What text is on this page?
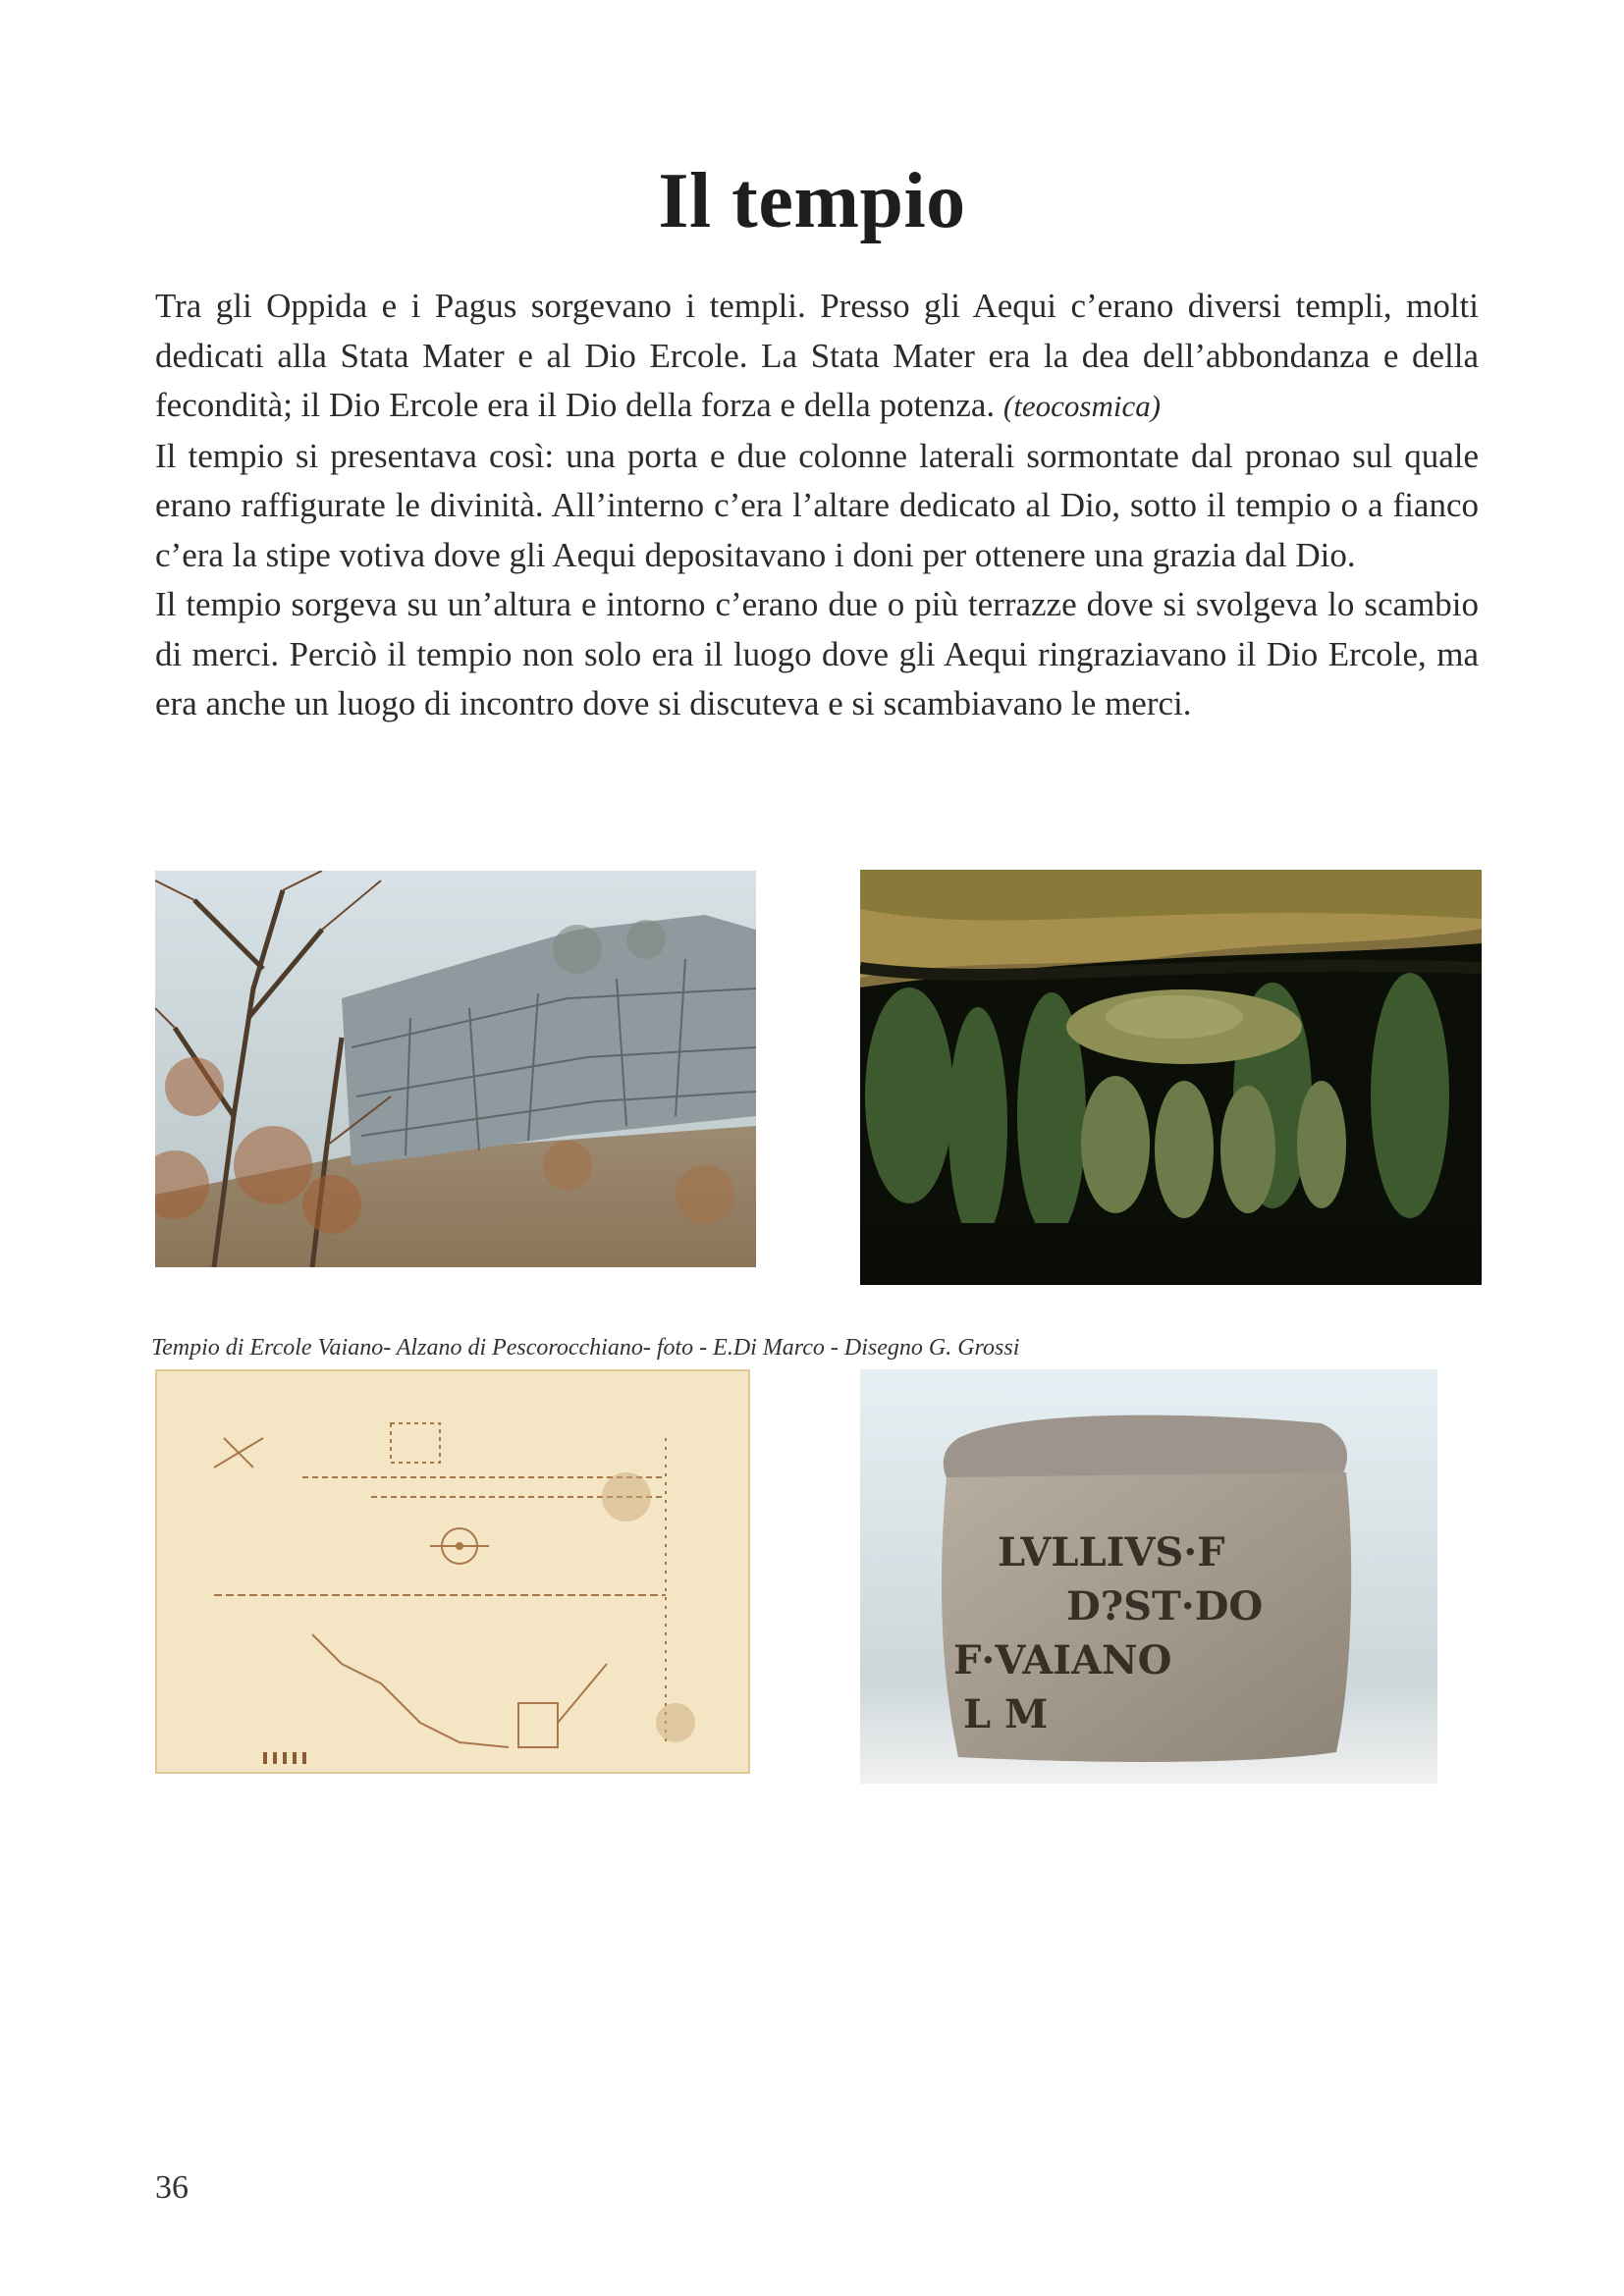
Il tempio

Tra gli Oppida e i Pagus sorgevano i templi. Presso gli Aequi c’erano diversi templi, molti dedicati alla Stata Mater e al Dio Ercole. La Stata Mater era la dea dell’abbondanza e della fecondità; il Dio Ercole era il Dio della forza e della potenza. (teocosmica)

Il tempio si presentava così: una porta e due colonne laterali sormontate dal pronao sul quale erano raffigurate le divinità. All’interno c’era l’altare dedicato al Dio, sotto il tempio o a fianco c’era la stipe votiva dove gli Aequi depositavano i doni per ottenere una grazia dal Dio.

Il tempio sorgeva su un’altura e intorno c’erano due o più terrazze dove si svolgeva lo scambio di merci. Perciò il tempio non solo era il luogo dove gli Aequi ringraziavano il Dio Ercole, ma era anche un luogo di incontro dove si discuteva e si scambiavano le merci.

Tempio di Ercole Vaiano- Alzano di Pescorocchiano- foto - E.Di Marco - Disegno G. Grossi

LVLLIVS·F
D?ST·DO
F·VAIANO
L M
36
